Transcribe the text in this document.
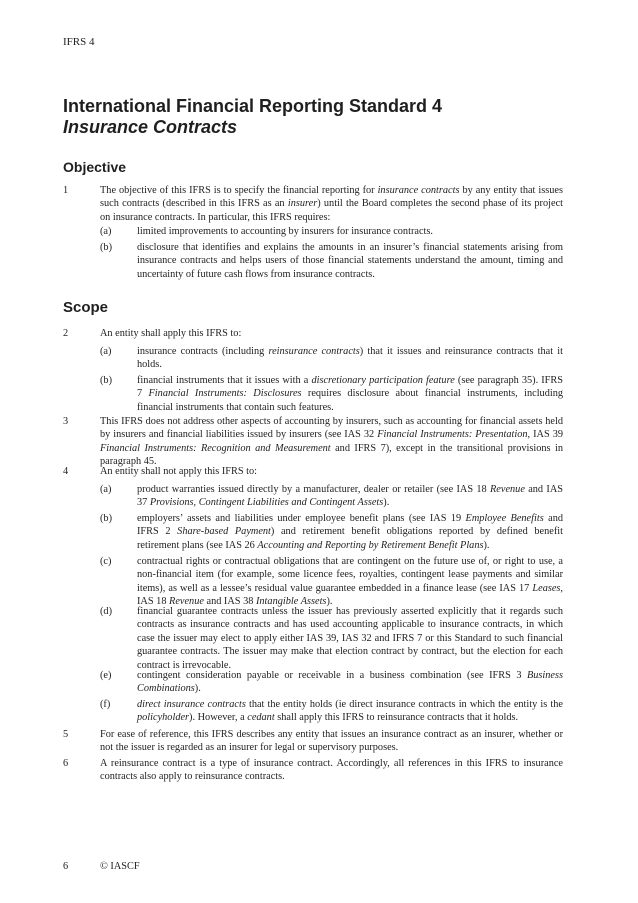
IFRS 4
International Financial Reporting Standard 4
Insurance Contracts
Objective
1	The objective of this IFRS is to specify the financial reporting for insurance contracts by any entity that issues such contracts (described in this IFRS as an insurer) until the Board completes the second phase of its project on insurance contracts. In particular, this IFRS requires:
(a) limited improvements to accounting by insurers for insurance contracts.
(b) disclosure that identifies and explains the amounts in an insurer’s financial statements arising from insurance contracts and helps users of those financial statements understand the amount, timing and uncertainty of future cash flows from insurance contracts.
Scope
2	An entity shall apply this IFRS to:
(a) insurance contracts (including reinsurance contracts) that it issues and reinsurance contracts that it holds.
(b) financial instruments that it issues with a discretionary participation feature (see paragraph 35). IFRS 7 Financial Instruments: Disclosures requires disclosure about financial instruments, including financial instruments that contain such features.
3	This IFRS does not address other aspects of accounting by insurers, such as accounting for financial assets held by insurers and financial liabilities issued by insurers (see IAS 32 Financial Instruments: Presentation, IAS 39 Financial Instruments: Recognition and Measurement and IFRS 7), except in the transitional provisions in paragraph 45.
4	An entity shall not apply this IFRS to:
(a) product warranties issued directly by a manufacturer, dealer or retailer (see IAS 18 Revenue and IAS 37 Provisions, Contingent Liabilities and Contingent Assets).
(b) employers’ assets and liabilities under employee benefit plans (see IAS 19 Employee Benefits and IFRS 2 Share-based Payment) and retirement benefit obligations reported by defined benefit retirement plans (see IAS 26 Accounting and Reporting by Retirement Benefit Plans).
(c) contractual rights or contractual obligations that are contingent on the future use of, or right to use, a non-financial item (for example, some licence fees, royalties, contingent lease payments and similar items), as well as a lessee’s residual value guarantee embedded in a finance lease (see IAS 17 Leases, IAS 18 Revenue and IAS 38 Intangible Assets).
(d) financial guarantee contracts unless the issuer has previously asserted explicitly that it regards such contracts as insurance contracts and has used accounting applicable to insurance contracts, in which case the issuer may elect to apply either IAS 39, IAS 32 and IFRS 7 or this Standard to such financial guarantee contracts. The issuer may make that election contract by contract, but the election for each contract is irrevocable.
(e) contingent consideration payable or receivable in a business combination (see IFRS 3 Business Combinations).
(f)	direct insurance contracts that the entity holds (ie direct insurance contracts in which the entity is the policyholder). However, a cedant shall apply this IFRS to reinsurance contracts that it holds.
5	For ease of reference, this IFRS describes any entity that issues an insurance contract as an insurer, whether or not the issuer is regarded as an insurer for legal or supervisory purposes.
6	A reinsurance contract is a type of insurance contract. Accordingly, all references in this IFRS to insurance contracts also apply to reinsurance contracts.
6	© IASCF
